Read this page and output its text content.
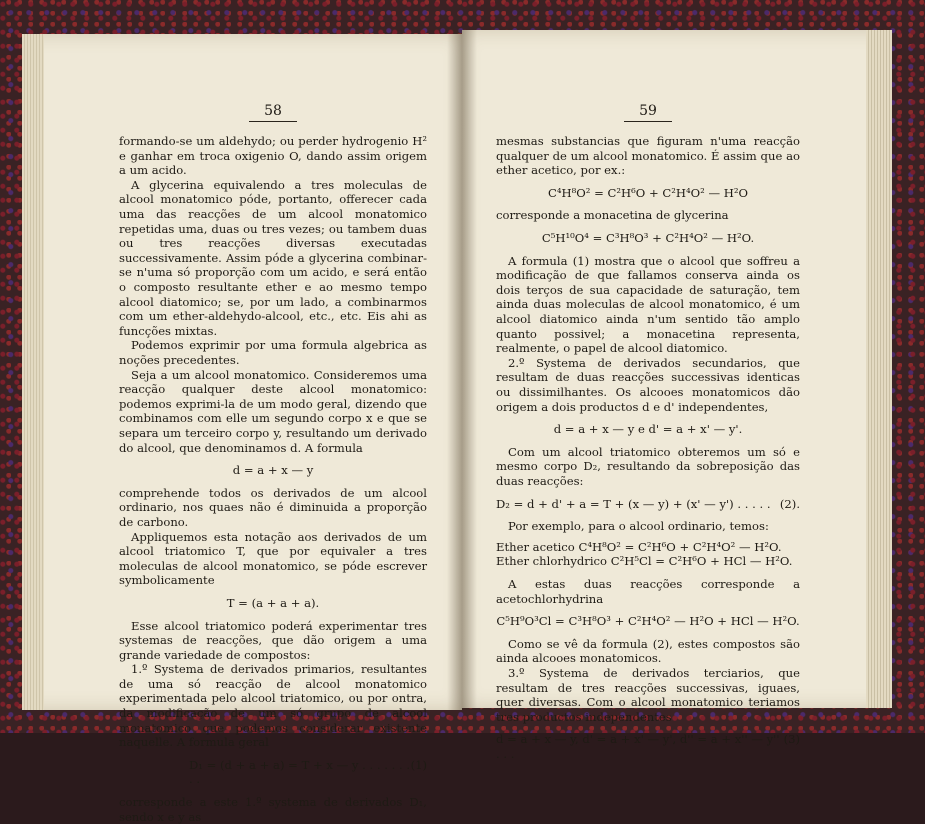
58

formando-se um aldehydo; ou perder hydrogenio H² e ganhar em troca oxigenio O, dando assim origem a um acido.

A glycerina equivalendo a tres moleculas de alcool monatomico póde, portanto, offerecer cada uma das reacções de um alcool monatomico repetidas uma, duas ou tres vezes; ou tambem duas ou tres reacções diversas executadas successivamente. Assim póde a glycerina combinar-se n'uma só proporção com um acido, e será então o composto resultante ether e ao mesmo tempo alcool diatomico; se, por um lado, a combinarmos com um ether-aldehydo-alcool, etc., etc. Eis ahi as funcções mixtas.

Podemos exprimir por uma formula algebrica as noções precedentes.

Seja a um alcool monatomico. Consideremos uma reacção qualquer deste alcool monatomico: podemos exprimi-la de um modo geral, dizendo que combinamos com elle um segundo corpo x e que se separa um terceiro corpo y, resultando um derivado do alcool, que denominamos d. A formula

d = a + x — y

comprehende todos os derivados de um alcool ordinario, nos quaes não é diminuida a proporção de carbono.

Appliquemos esta notação aos derivados de um alcool triatomico T, que por equivaler a tres moleculas de alcool monatomico, se póde escrever symbolicamente

T = (a + a + a).

Esse alcool triatomico poderá experimentar tres systemas de reacções, que dão origem a uma grande variedade de compostos:

1.º Systema de derivados primarios, resultantes de uma só reacção de alcool monatomico experimentada pelo alcool triatomico, ou por ontra, da modificação de um só grupo de alcool monatomico que podemos considerar existente naquelle. A formula geral

D₁ = (d + a + a) = T + x — y . . . . . . . . .
(1)

corresponde a este 1.º systema de derivados D₁, sendo x e y as

59

mesmas substancias que figuram n'uma reacção qualquer de um alcool monatomico. É assim que ao ether acetico, por ex.:

C⁴H⁸O² = C²H⁶O + C²H⁴O² — H²O

corresponde a monacetina de glycerina

C⁵H¹⁰O⁴ = C³H⁸O³ + C²H⁴O² — H²O.

A formula (1) mostra que o alcool que soffreu a modificação de que fallamos conserva ainda os dois terços de sua capacidade de saturação, tem ainda duas moleculas de alcool monatomico, é um alcool diatomico ainda n'um sentido tão amplo quanto possivel; a monacetina representa, realmente, o papel de alcool diatomico.

2.º Systema de derivados secundarios, que resultam de duas reacções successivas identicas ou dissimilhantes. Os alcooes monatomicos dão origem a dois productos d e d' independentes,

d = a + x — y e d' = a + x' — y'.

Com um alcool triatomico obteremos um só e mesmo corpo D₂, resultando da sobreposição das duas reacções:

D₂ = d + d' + a = T + (x — y) + (x' — y') . . . . . (2).

Por exemplo, para o alcool ordinario, temos:

Ether acetico C⁴H⁸O² = C²H⁶O + C²H⁴O² — H²O.
Ether chlorhydrico C²H⁵Cl = C²H⁶O + HCl — H²O.

A estas duas reacções corresponde a acetochlorhydrina

C⁵H⁹O³Cl = C³H⁸O³ + C²H⁴O² — H²O + HCl — H²O.

Como se vê da formula (2), estes compostos são ainda alcooes monatomicos.

3.º Systema de derivados terciarios, que resultam de tres reacções successivas, iguaes, quer diversas. Com o alcool monatomico teriamos tres productos independentes

d = a + x — y, d' = a + x' — y', d'' = a + x'' — y'' . . .
(3)
